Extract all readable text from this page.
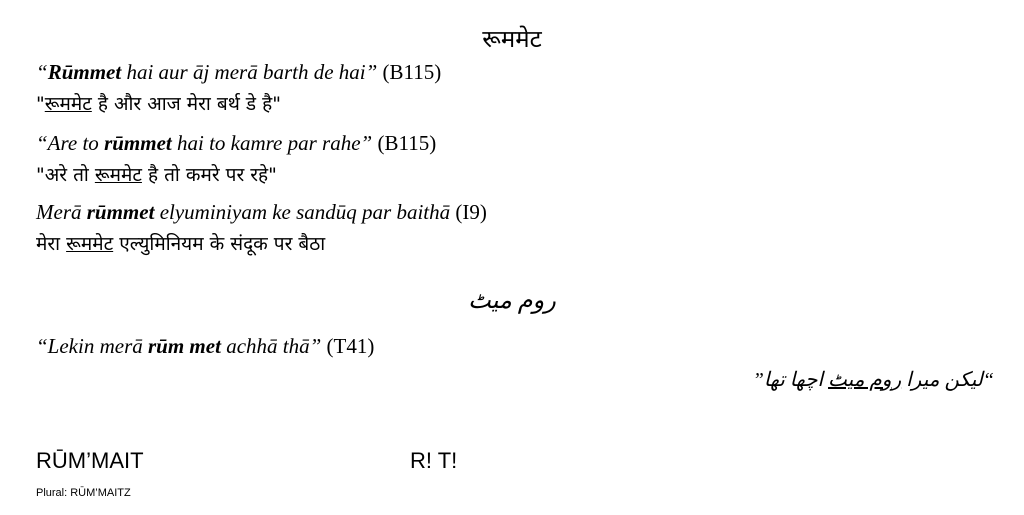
रूममेट
“Rūmmet hai aur āj merā barth de hai” (B115)
"रूममेट है और आज मेरा बर्थ डे है"
“Are to rūmmet hai to kamre par rahe” (B115)
"अरे तो रूममेट है तो कमरे पर रहे"
Merā rūmmet elyuminiyam ke sandūq par baithā (I9)
मेरा रूममेट एल्युमिनियम के संदूक पर बैठा
روم میٹ
“Lekin merā rūm met achhā thā” (T41)
“لیکن میرا روم میٹ اچھا تھا”
RŪM’MAIT
Plural: RŪM’MAITZ
R! T!
